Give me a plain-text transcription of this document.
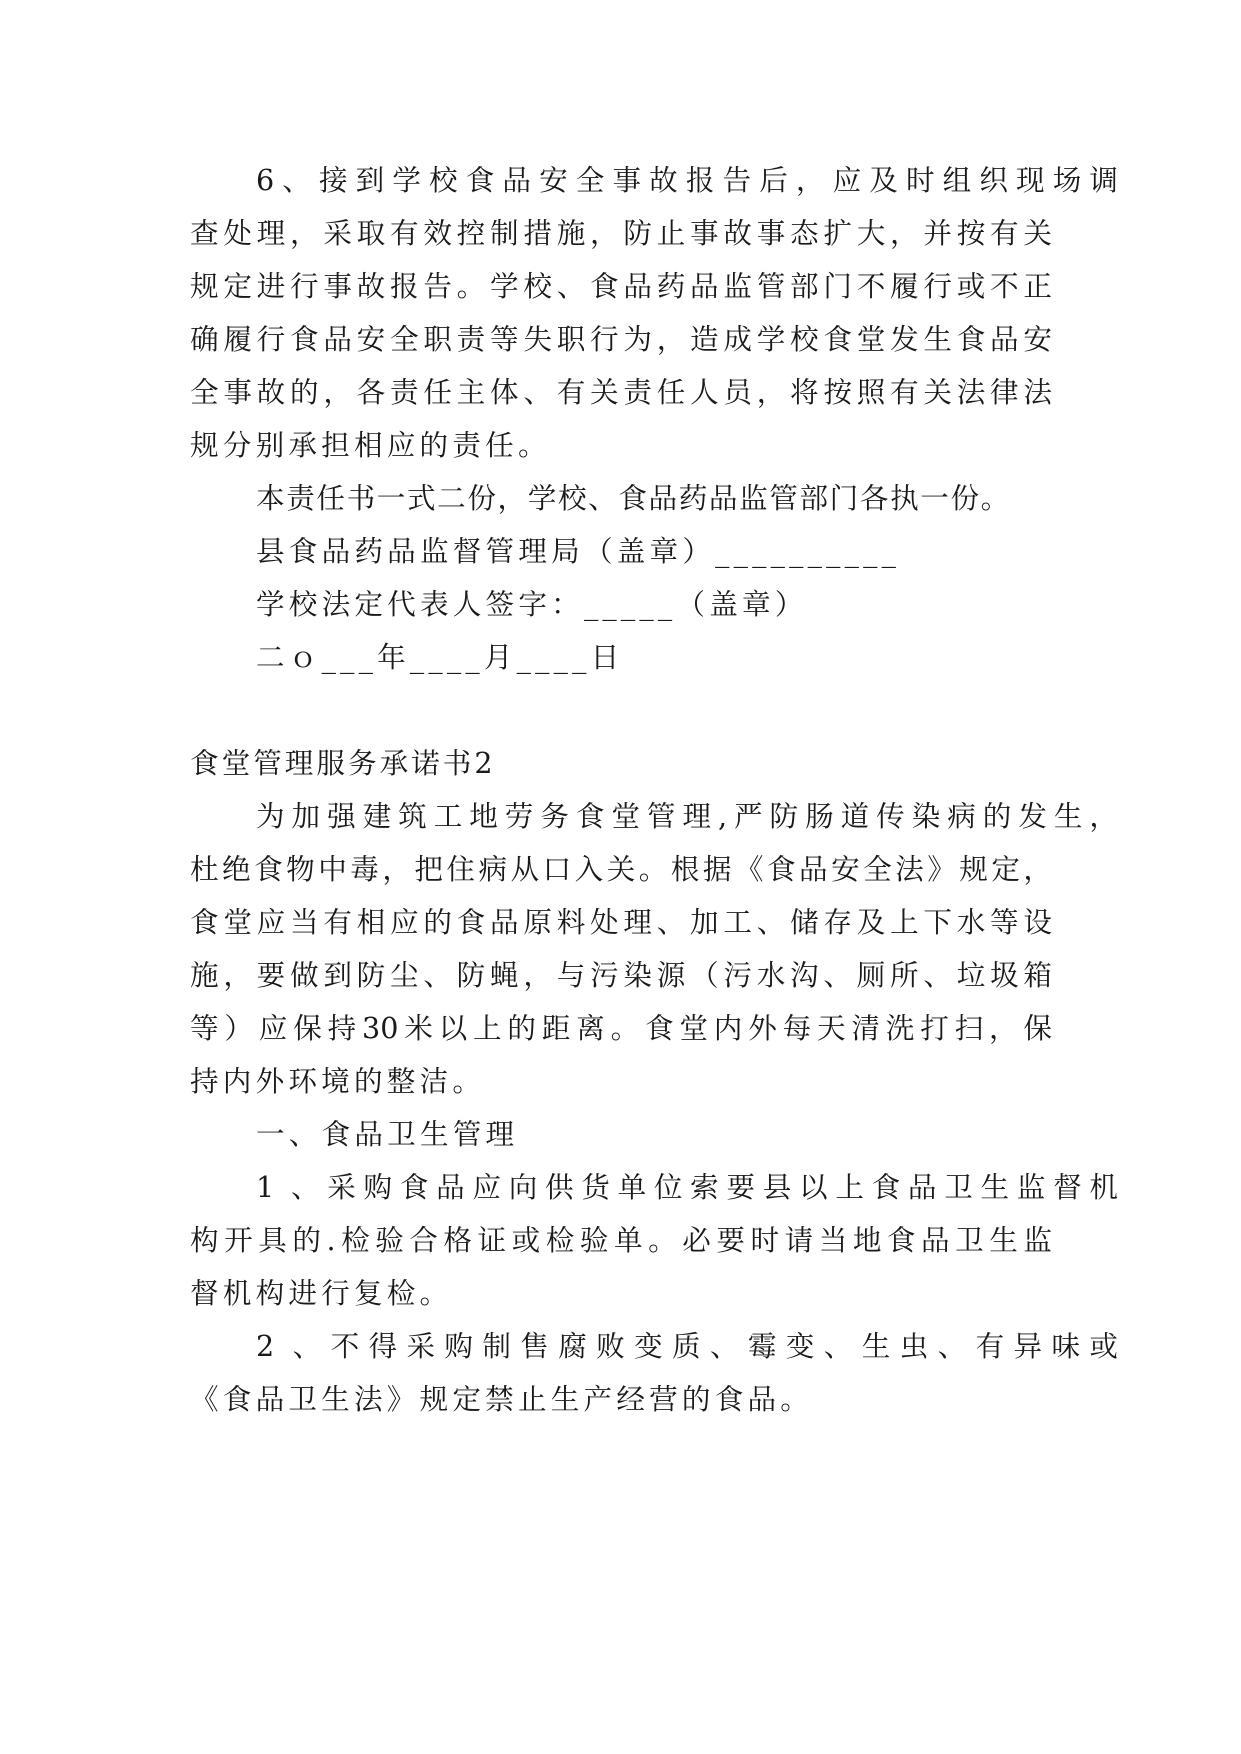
6、接到学校食品安全事故报告后，应及时组织现场调
查处理，采取有效控制措施，防止事故事态扩大，并按有关
规定进行事故报告。学校、食品药品监管部门不履行或不正
确履行食品安全职责等失职行为，造成学校食堂发生食品安
全事故的，各责任主体、有关责任人员，将按照有关法律法
规分别承担相应的责任。
本责任书一式二份，学校、食品药品监管部门各执一份。
县食品药品监督管理局（盖章）__________
学校法定代表人签字：_____（盖章）
二ｏ___年____月____日
食堂管理服务承诺书2
为加强建筑工地劳务食堂管理,严防肠道传染病的发生，
杜绝食物中毒，把住病从口入关。根据《食品安全法》规定，
食堂应当有相应的食品原料处理、加工、储存及上下水等设
施，要做到防尘、防蝇，与污染源（污水沟、厕所、垃圾箱
等）应保持30米以上的距离。食堂内外每天清洗打扫，保
持内外环境的整洁。
一、食品卫生管理
1 、采购食品应向供货单位索要县以上食品卫生监督机
构开具的.检验合格证或检验单。必要时请当地食品卫生监
督机构进行复检。
2 、不得采购制售腐败变质、霉变、生虫、有异味或
《食品卫生法》规定禁止生产经营的食品。
